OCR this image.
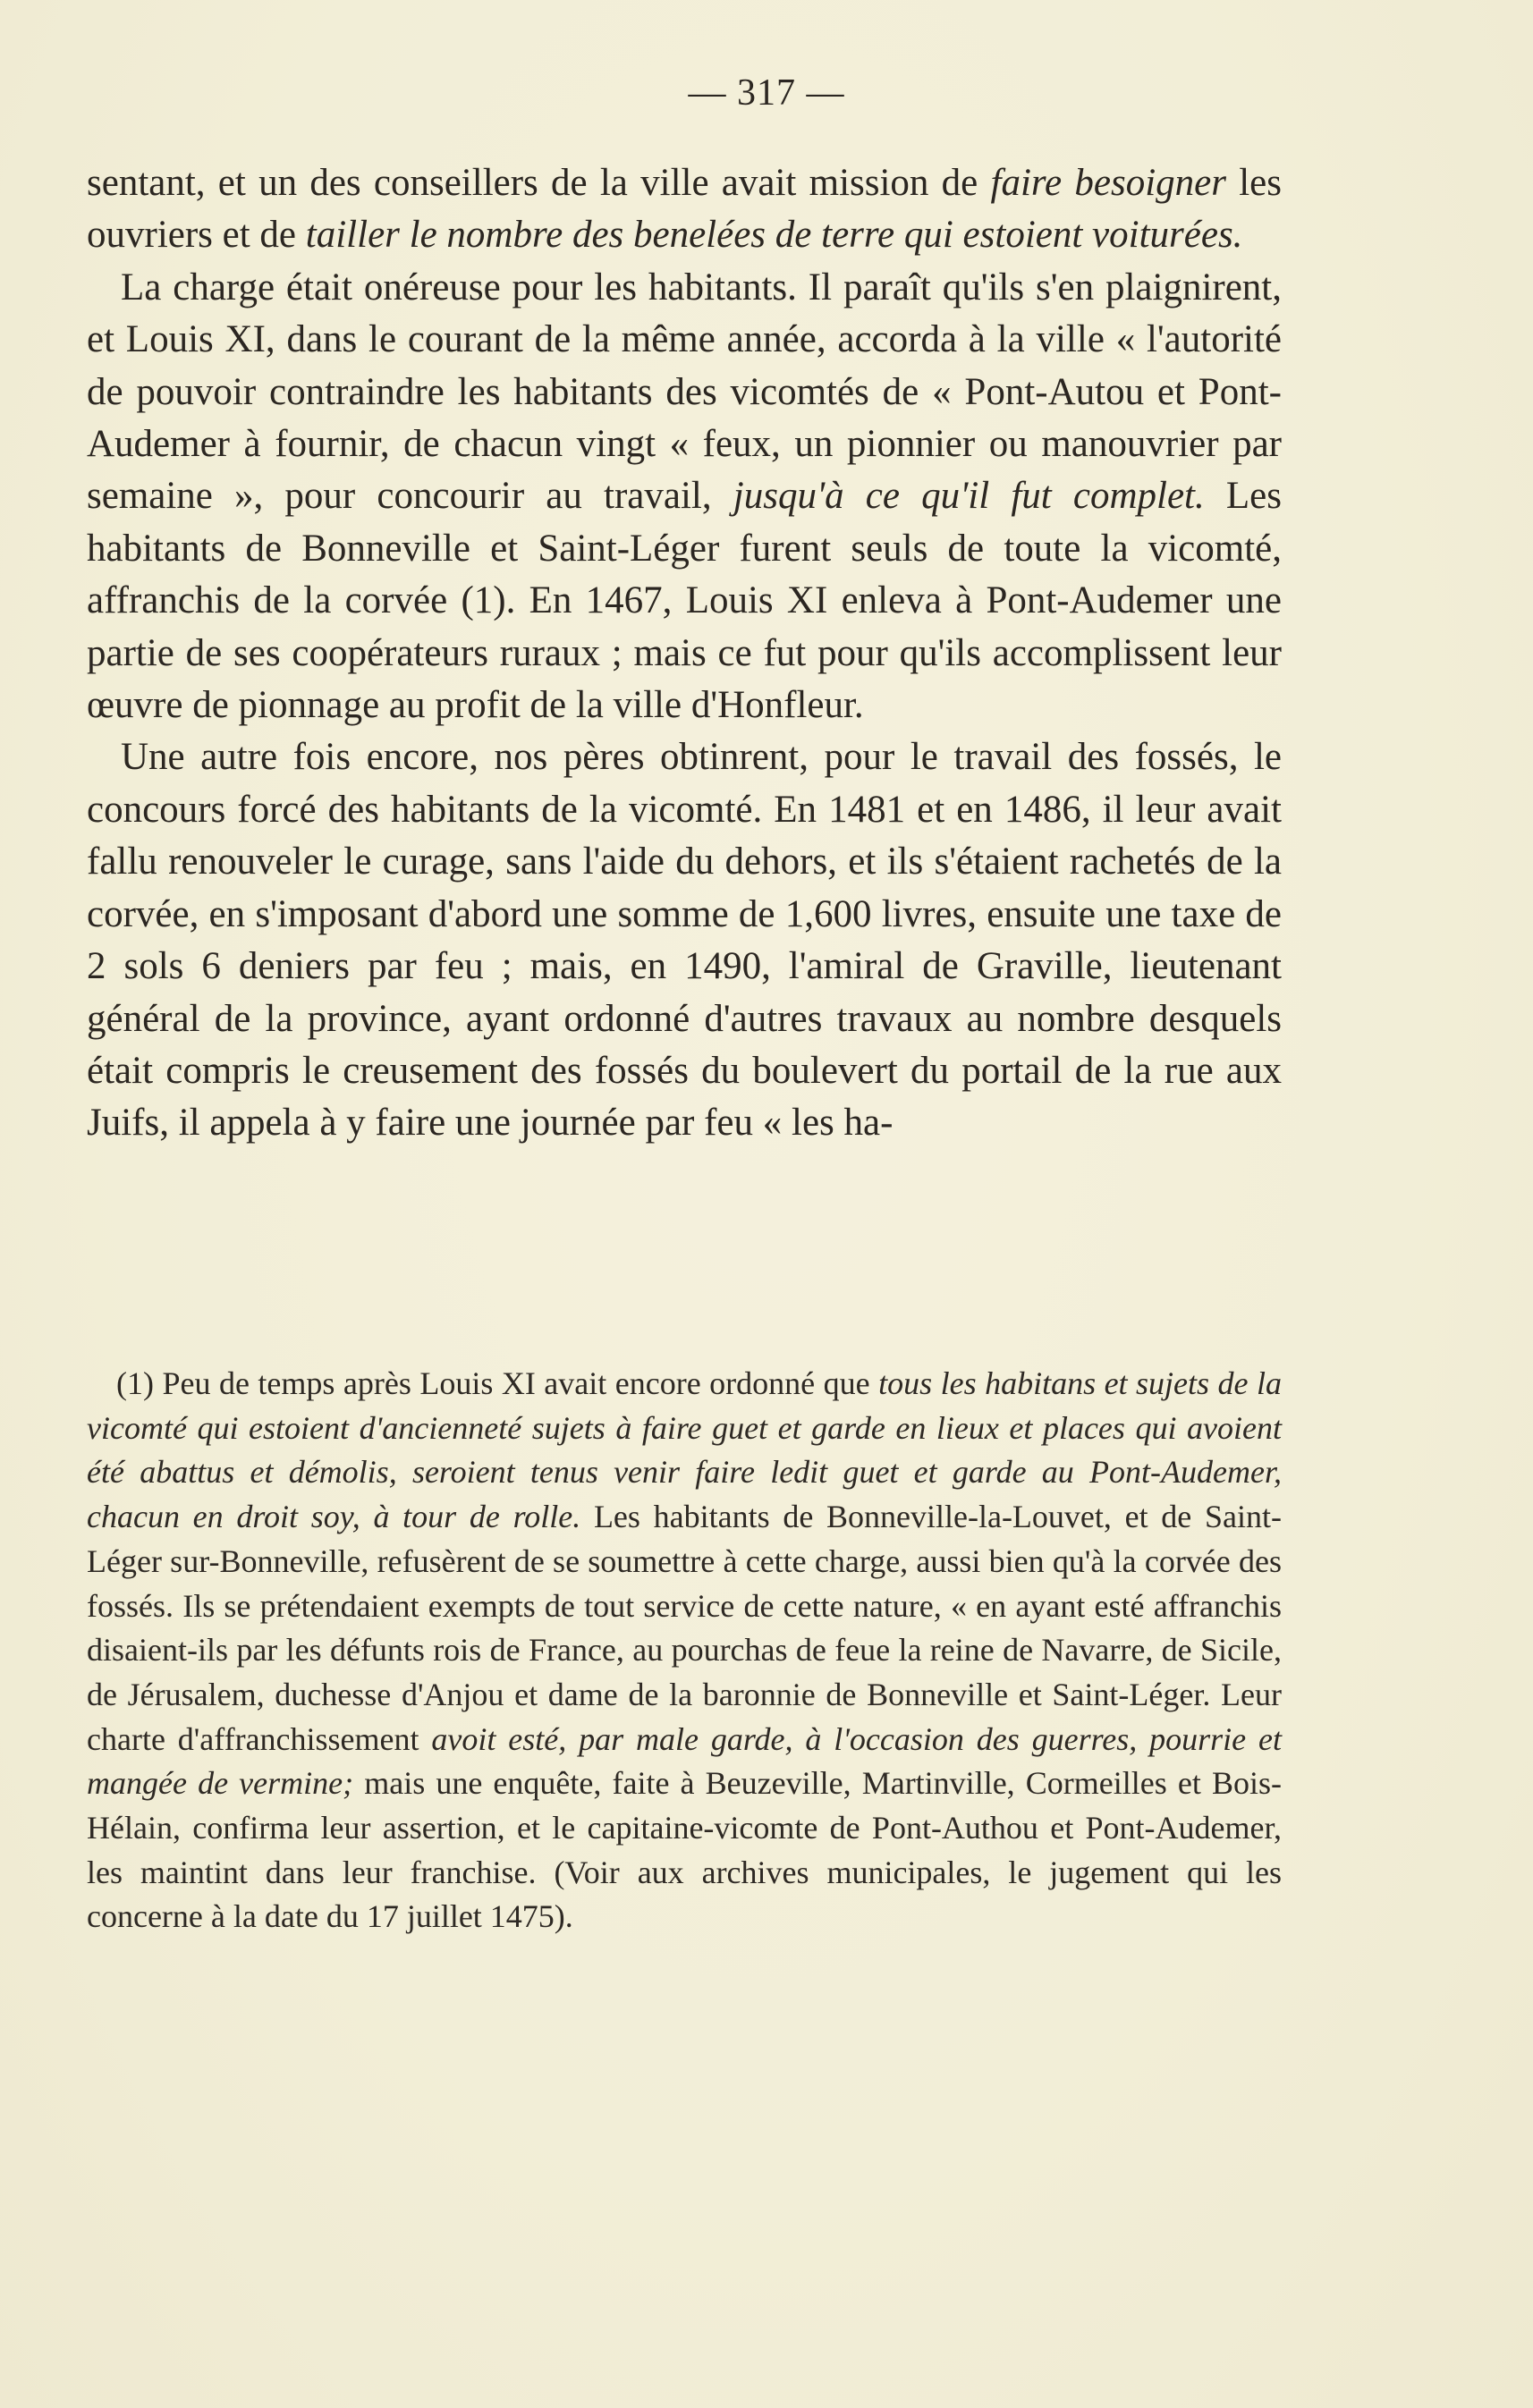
— 317 —

sentant, et un des conseillers de la ville avait mission de faire besoigner les ouvriers et de tailler le nombre des benelées de terre qui estoient voiturées.

La charge était onéreuse pour les habitants. Il paraît qu'ils s'en plaignirent, et Louis XI, dans le courant de la même année, accorda à la ville « l'autorité de pouvoir contraindre les habitants des vicomtés de « Pont-Autou et Pont-Audemer à fournir, de chacun vingt « feux, un pionnier ou manouvrier par semaine », pour concourir au travail, jusqu'à ce qu'il fut complet. Les habitants de Bonneville et Saint-Léger furent seuls de toute la vicomté, affranchis de la corvée (1). En 1467, Louis XI enleva à Pont-Audemer une partie de ses coopérateurs ruraux ; mais ce fut pour qu'ils accomplissent leur œuvre de pionnage au profit de la ville d'Honfleur.

Une autre fois encore, nos pères obtinrent, pour le travail des fossés, le concours forcé des habitants de la vicomté. En 1481 et en 1486, il leur avait fallu renouveler le curage, sans l'aide du dehors, et ils s'étaient rachetés de la corvée, en s'imposant d'abord une somme de 1,600 livres, ensuite une taxe de 2 sols 6 deniers par feu ; mais, en 1490, l'amiral de Graville, lieutenant général de la province, ayant ordonné d'autres travaux au nombre desquels était compris le creusement des fossés du boulevert du portail de la rue aux Juifs, il appela à y faire une journée par feu « les ha-

(1) Peu de temps après Louis XI avait encore ordonné que tous les habitans et sujets de la vicomté qui estoient d'ancienneté sujets à faire guet et garde en lieux et places qui avoient été abattus et démolis, seroient tenus venir faire ledit guet et garde au Pont-Audemer, chacun en droit soy, à tour de rolle. Les habitants de Bonneville-la-Louvet, et de Saint-Léger sur-Bonneville, refusèrent de se soumettre à cette charge, aussi bien qu'à la corvée des fossés. Ils se prétendaient exempts de tout service de cette nature, « en ayant esté affranchis disaient-ils par les défunts rois de France, au pourchas de feue la reine de Navarre, de Sicile, de Jérusalem, duchesse d'Anjou et dame de la baronnie de Bonneville et Saint-Léger. Leur charte d'affranchissement avoit esté, par male garde, à l'occasion des guerres, pourrie et mangée de vermine; mais une enquête, faite à Beuzeville, Martinville, Cormeilles et Bois-Hélain, confirma leur assertion, et le capitaine-vicomte de Pont-Authou et Pont-Audemer, les maintint dans leur franchise. (Voir aux archives municipales, le jugement qui les concerne à la date du 17 juillet 1475).
